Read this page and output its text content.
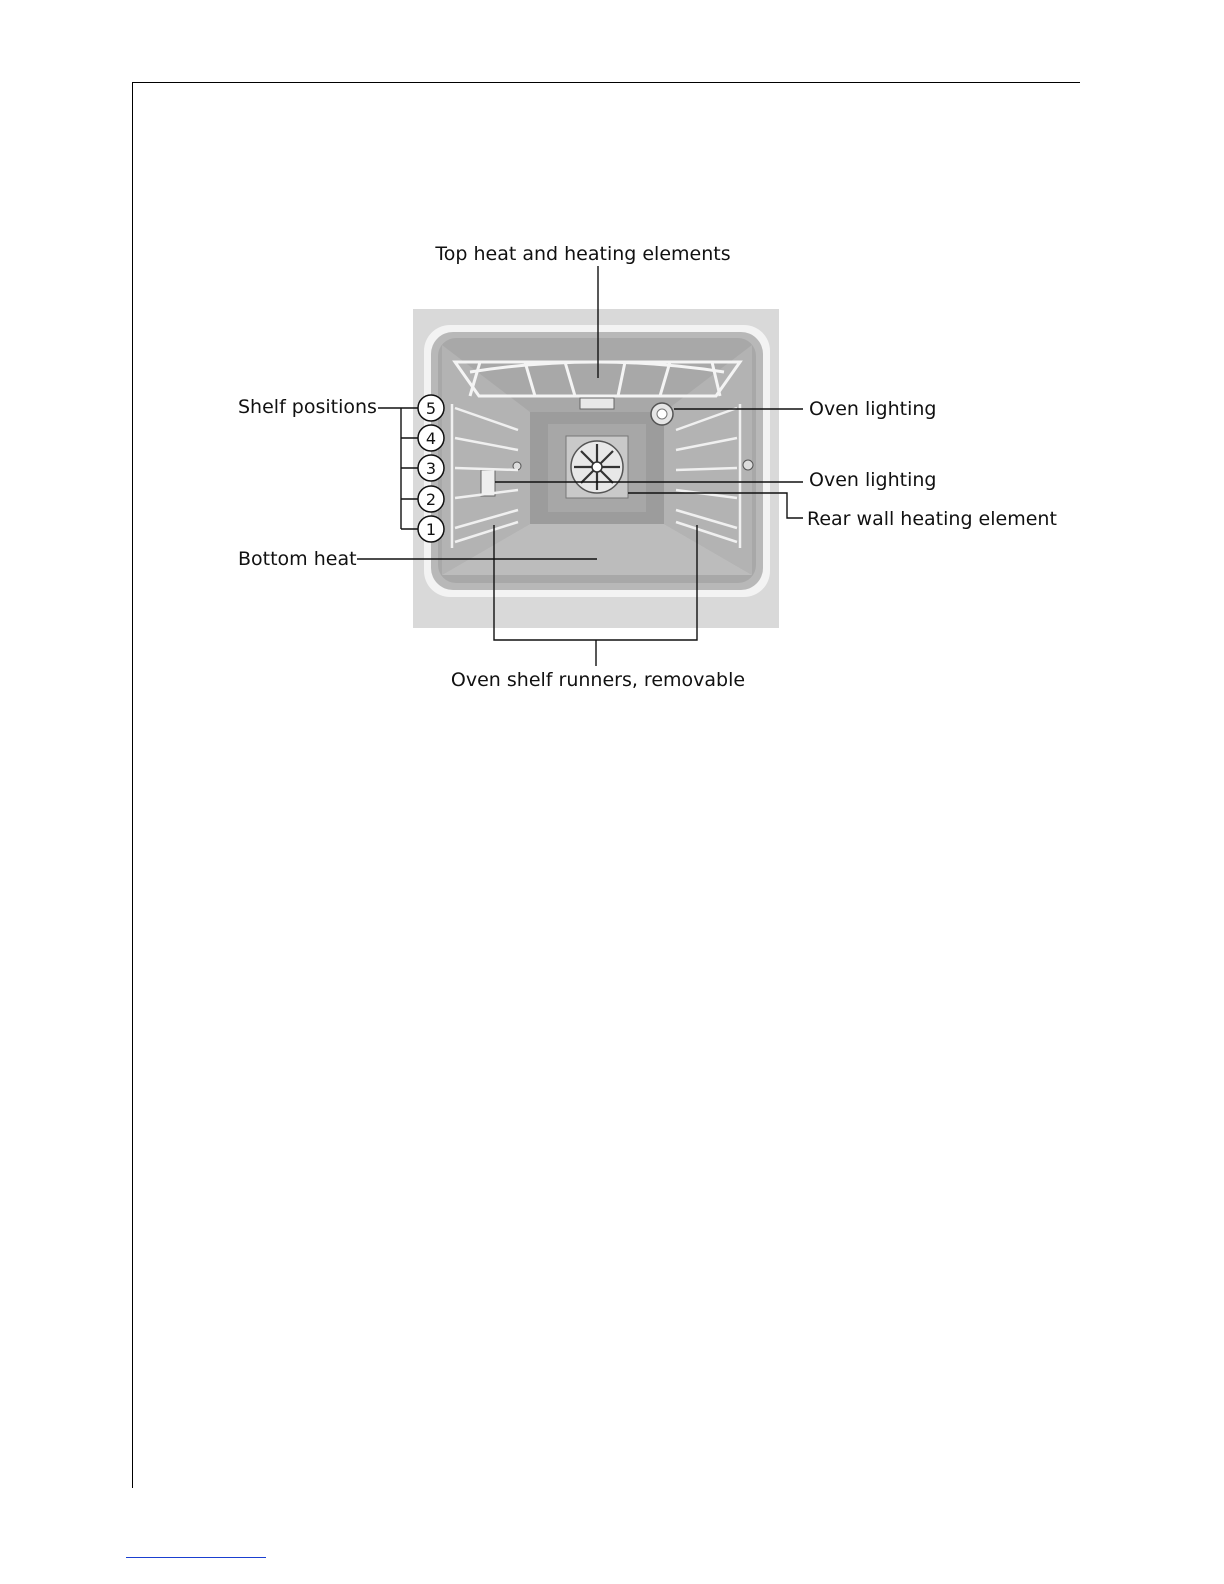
Top heat and heating elements
Shelf positions	5
4
3
2
1
Oven lighting
Oven lighting
Rear wall heating element
Bottom heat
Oven shelf runners, removable
